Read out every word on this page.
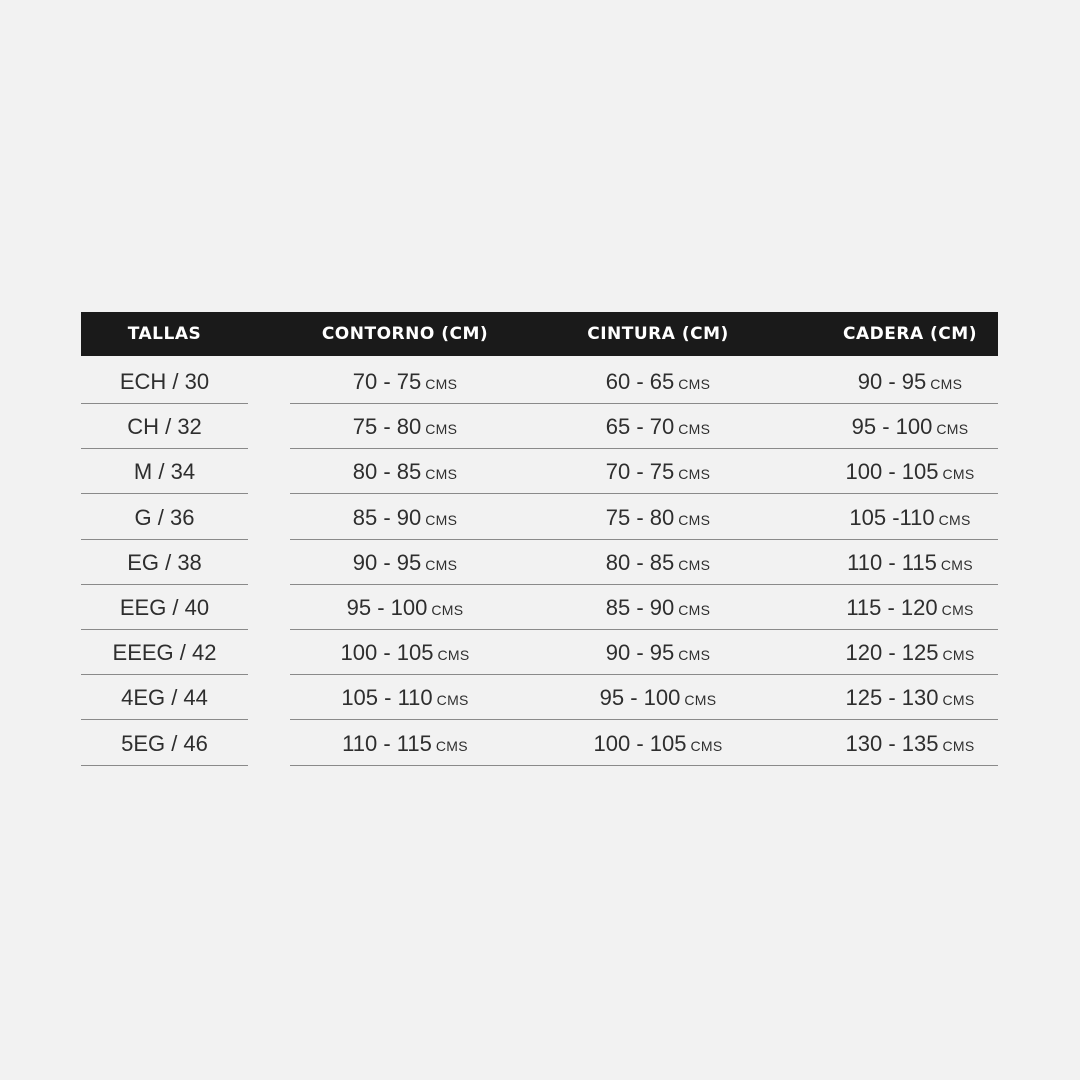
TALLAS	CONTORNO (CM)	CINTURA (CM)	CADERA (CM)
ECH / 30	70 - 75 CMS	60 - 65 CMS	90 - 95 CMS
CH / 32	75 - 80 CMS	65 - 70 CMS	95 - 100 CMS
M / 34	80 - 85 CMS	70 - 75 CMS	100 - 105 CMS
G / 36	85 - 90 CMS	75 - 80 CMS	105 -110 CMS
EG / 38	90 - 95 CMS	80 - 85 CMS	110 - 115 CMS
EEG / 40	95 - 100 CMS	85 - 90 CMS	115 - 120 CMS
EEEG / 42	100 - 105 CMS	90 - 95 CMS	120 - 125 CMS
4EG / 44	105 - 110 CMS	95 - 100 CMS	125 - 130 CMS
5EG / 46	110 - 115 CMS	100 - 105 CMS	130 - 135 CMS
